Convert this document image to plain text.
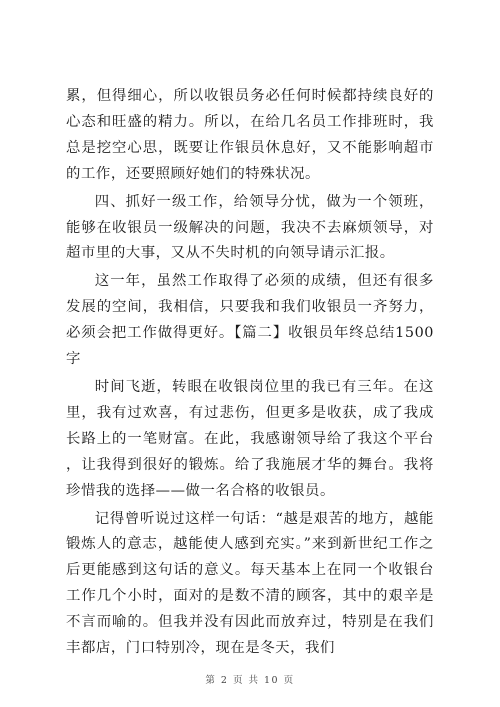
累，但得细心，所以收银员务必任何时候都持续良好的心态和旺盛的精力。所以，在给几名员工作排班时，我总是挖空心思，既要让作银员休息好，又不能影响超市的工作，还要照顾好她们的特殊状况。

四、抓好一级工作，给领导分忧，做为一个领班，能够在收银员一级解决的问题，我决不去麻烦领导，对超市里的大事，又从不失时机的向领导请示汇报。

这一年，虽然工作取得了必须的成绩，但还有很多发展的空间，我相信，只要我和我们收银员一齐努力，必须会把工作做得更好。【篇二】收银员年终总结1500字

时间飞逝，转眼在收银岗位里的我已有三年。在这里，我有过欢喜，有过悲伤，但更多是收获，成了我成长路上的一笔财富。在此，我感谢领导给了我这个平台，让我得到很好的锻炼。给了我施展才华的舞台。我将珍惜我的选择——做一名合格的收银员。

记得曾听说过这样一句话：“越是艰苦的地方，越能锻炼人的意志，越能使人感到充实。”来到新世纪工作之后更能感到这句话的意义。每天基本上在同一个收银台工作几个小时，面对的是数不清的顾客，其中的艰辛是不言而喻的。但我并没有因此而放弃过，特别是在我们丰都店，门口特别冷，现在是冬天，我们

第 2 页 共 10 页
